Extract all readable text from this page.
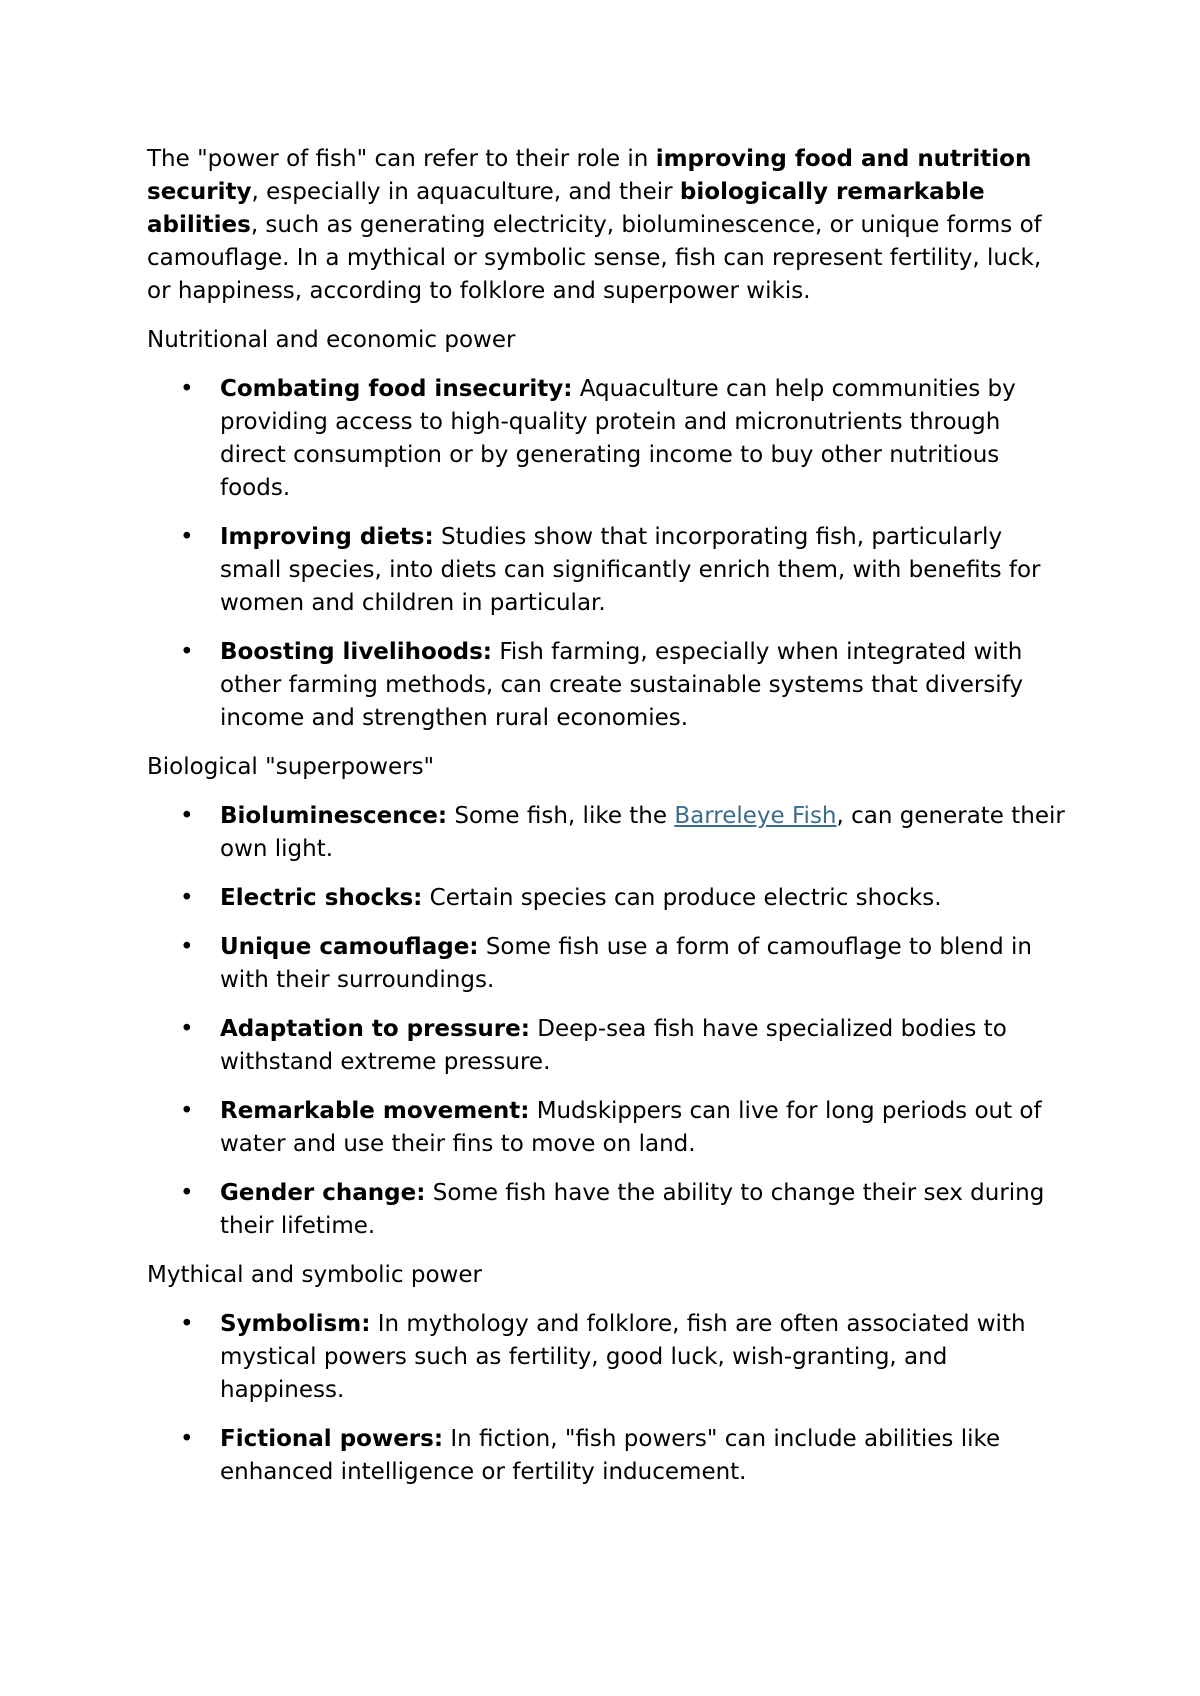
The "power of fish" can refer to their role in improving food and nutrition security, especially in aquaculture, and their biologically remarkable abilities, such as generating electricity, bioluminescence, or unique forms of camouflage. In a mythical or symbolic sense, fish can represent fertility, luck, or happiness, according to folklore and superpower wikis.

Nutritional and economic power

• Combating food insecurity: Aquaculture can help communities by providing access to high-quality protein and micronutrients through direct consumption or by generating income to buy other nutritious foods.
• Improving diets: Studies show that incorporating fish, particularly small species, into diets can significantly enrich them, with benefits for women and children in particular.
• Boosting livelihoods: Fish farming, especially when integrated with other farming methods, can create sustainable systems that diversify income and strengthen rural economies.

Biological "superpowers"

• Bioluminescence: Some fish, like the Barreleye Fish, can generate their own light.
• Electric shocks: Certain species can produce electric shocks.
• Unique camouflage: Some fish use a form of camouflage to blend in with their surroundings.
• Adaptation to pressure: Deep-sea fish have specialized bodies to withstand extreme pressure.
• Remarkable movement: Mudskippers can live for long periods out of water and use their fins to move on land.
• Gender change: Some fish have the ability to change their sex during their lifetime.

Mythical and symbolic power

• Symbolism: In mythology and folklore, fish are often associated with mystical powers such as fertility, good luck, wish-granting, and happiness.
• Fictional powers: In fiction, "fish powers" can include abilities like enhanced intelligence or fertility inducement.
